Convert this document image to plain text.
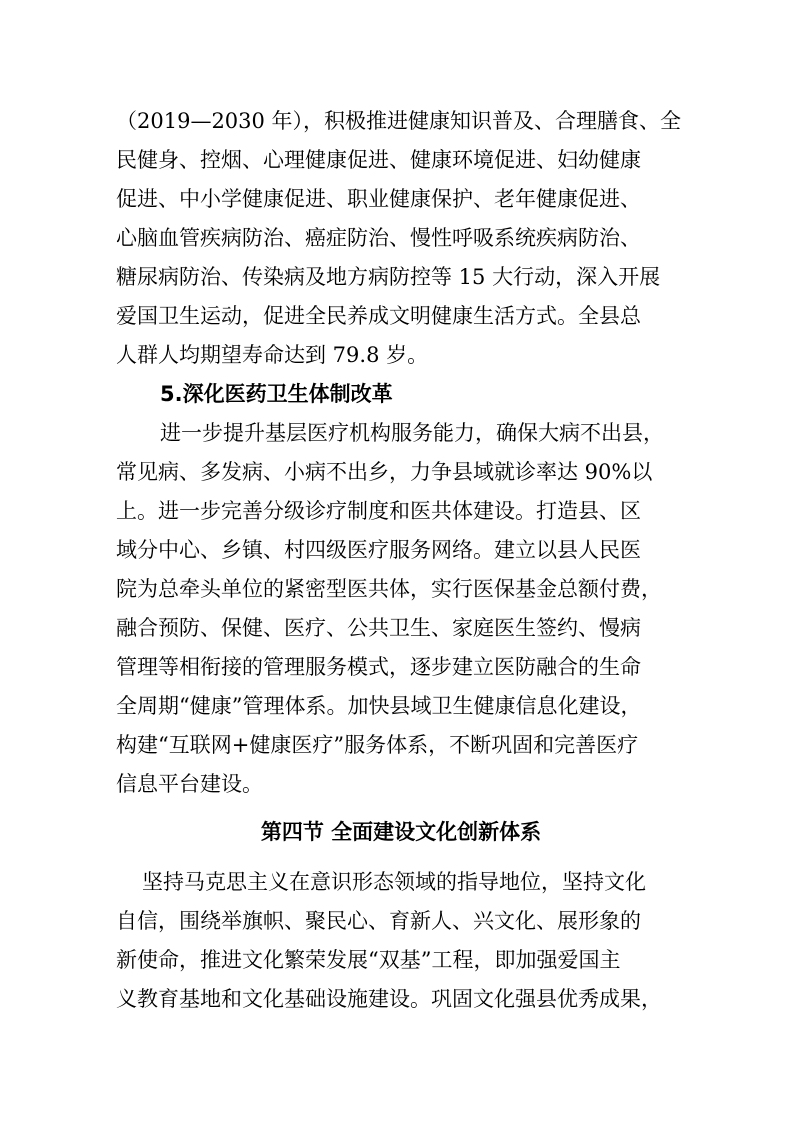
（2019—2030 年），积极推进健康知识普及、合理膳食、全
民健身、控烟、心理健康促进、健康环境促进、妇幼健康
促进、中小学健康促进、职业健康保护、老年健康促进、
心脑血管疾病防治、癌症防治、慢性呼吸系统疾病防治、
糖尿病防治、传染病及地方病防控等 15 大行动，深入开展
爱国卫生运动，促进全民养成文明健康生活方式。全县总
人群人均期望寿命达到 79.8 岁。
5.深化医药卫生体制改革
进一步提升基层医疗机构服务能力，确保大病不出县，
常见病、多发病、小病不出乡，力争县域就诊率达 90%以
上。进一步完善分级诊疗制度和医共体建设。打造县、区
域分中心、乡镇、村四级医疗服务网络。建立以县人民医
院为总牵头单位的紧密型医共体，实行医保基金总额付费，
融合预防、保健、医疗、公共卫生、家庭医生签约、慢病
管理等相衔接的管理服务模式，逐步建立医防融合的生命
全周期“健康”管理体系。加快县域卫生健康信息化建设，
构建“互联网+健康医疗”服务体系，不断巩固和完善医疗
信息平台建设。
第四节 全面建设文化创新体系
坚持马克思主义在意识形态领域的指导地位，坚持文化
自信，围绕举旗帜、聚民心、育新人、兴文化、展形象的
新使命，推进文化繁荣发展“双基”工程，即加强爱国主
义教育基地和文化基础设施建设。巩固文化强县优秀成果，
